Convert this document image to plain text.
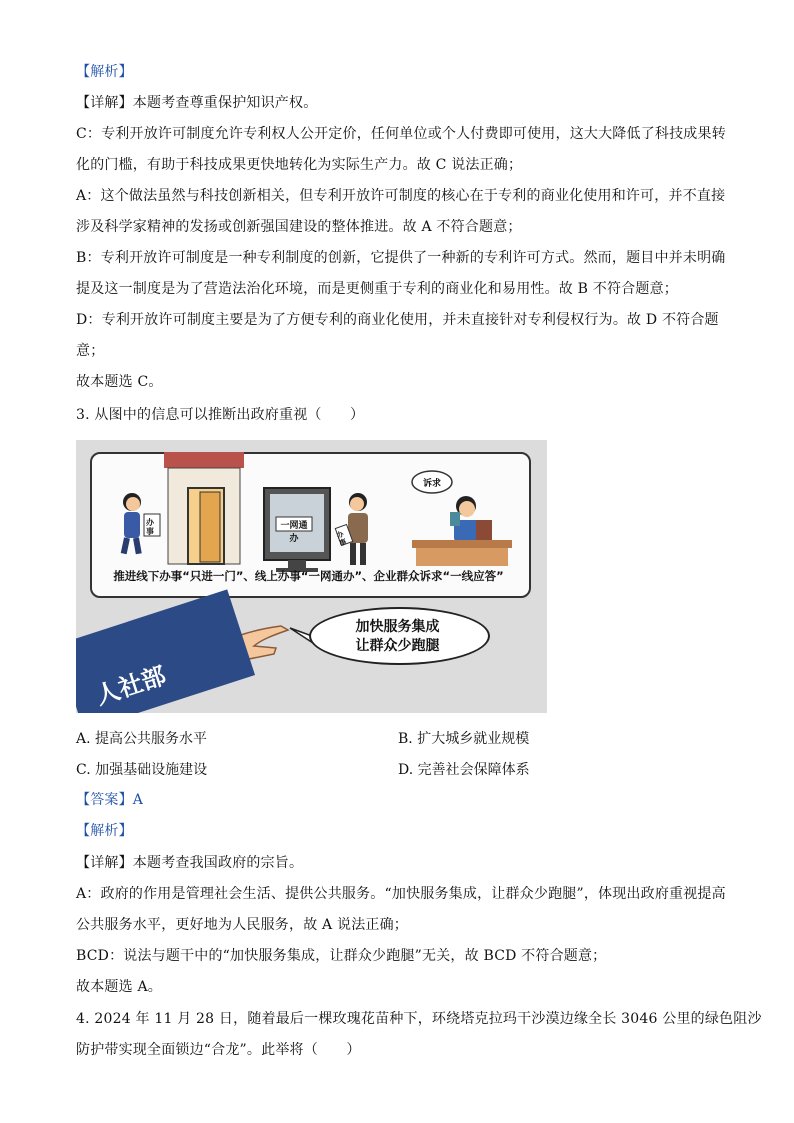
【解析】
【详解】本题考查尊重保护知识产权。
C：专利开放许可制度允许专利权人公开定价，任何单位或个人付费即可使用，这大大降低了科技成果转
化的门槛，有助于科技成果更快地转化为实际生产力。故 C 说法正确；
A：这个做法虽然与科技创新相关，但专利开放许可制度的核心在于专利的商业化使用和许可，并不直接
涉及科学家精神的发扬或创新强国建设的整体推进。故 A 不符合题意；
B：专利开放许可制度是一种专利制度的创新，它提供了一种新的专利许可方式。然而，题目中并未明确
提及这一制度是为了营造法治化环境，而是更侧重于专利的商业化和易用性。故 B 不符合题意；
D：专利开放许可制度主要是为了方便专利的商业化使用，并未直接针对专利侵权行为。故 D 不符合题
意；
故本题选 C。
3. 从图中的信息可以推断出政府重视（　　）
人社部
加快服务集成
让群众少跑腿
办事	办事
一网通办
诉求
推进线下办事“只进一门”、线上办事“一网通办”、企业群众诉求“一线应答”
A. 提高公共服务水平	B. 扩大城乡就业规模
C. 加强基础设施建设	D. 完善社会保障体系
【答案】A
【解析】
【详解】本题考查我国政府的宗旨。
A：政府的作用是管理社会生活、提供公共服务。“加快服务集成，让群众少跑腿”，体现出政府重视提高
公共服务水平，更好地为人民服务，故 A 说法正确；
BCD：说法与题干中的“加快服务集成，让群众少跑腿”无关，故 BCD 不符合题意；
故本题选 A。
4. 2024 年 11 月 28 日，随着最后一棵玫瑰花苗种下，环绕塔克拉玛干沙漠边缘全长 3046 公里的绿色阻沙
防护带实现全面锁边“合龙”。此举将（　　）
